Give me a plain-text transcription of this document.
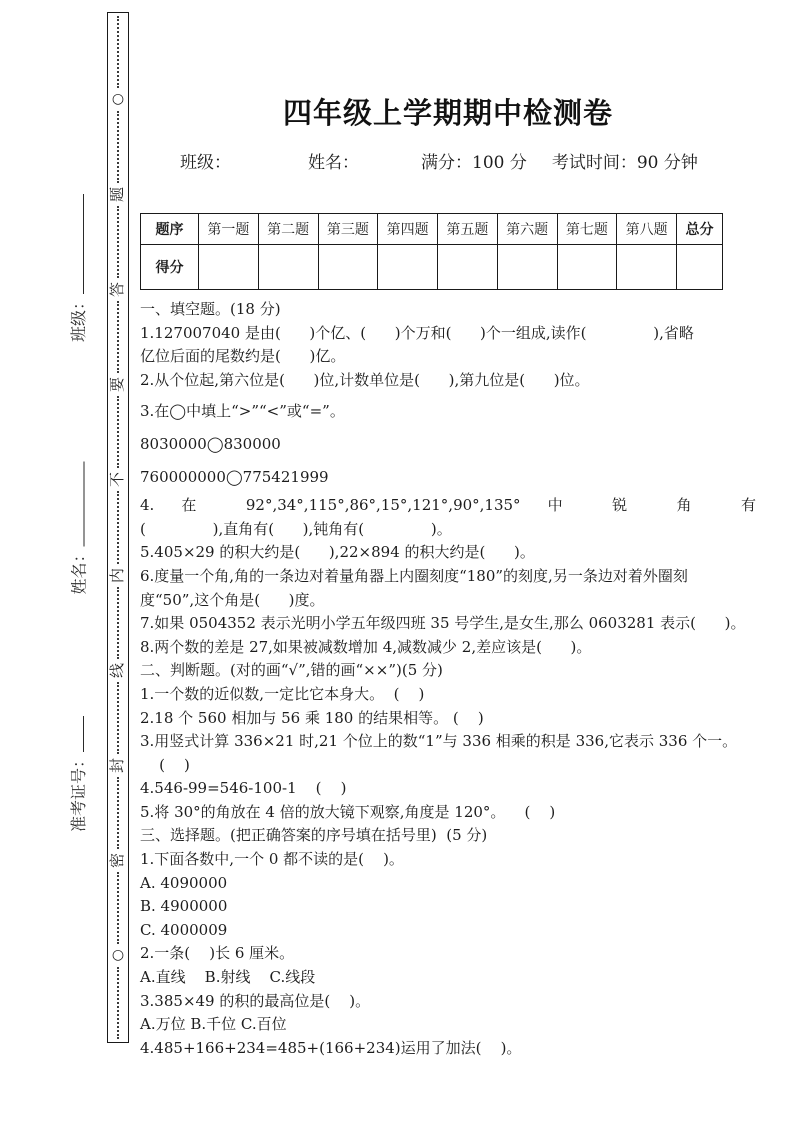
○
题
答
要
不
内
线
封
密
○
班级：
姓名：
准考证号：
四年级上学期期中检测卷
班级：	姓名：	满分：100 分 考试时间：90 分钟
题序	第一题	第二题	第三题	第四题	第五题	第六题	第七题	第八题	总分
得分									
一、填空题。(18 分)
1.127007040 是由(      )个亿、(      )个万和(      )个一组成,读作(              ),省略
亿位后面的尾数约是(      )亿。
2.从个位起,第六位是(      )位,计数单位是(      ),第九位是(      )位。
3.在◯中填上“>”“<”或“=”。
8030000◯830000
760000000◯775421999
4. 在 92°,34°,115°,86°,15°,121°,90°,135° 中 锐 角 有
(              ),直角有(      ),钝角有(              )。
5.405×29 的积大约是(      ),22×894 的积大约是(      )。
6.度量一个角,角的一条边对着量角器上内圈刻度“180”的刻度,另一条边对着外圈刻
度“50”,这个角是(      )度。
7.如果 0504352 表示光明小学五年级四班 35 号学生,是女生,那么 0603281 表示(      )。
8.两个数的差是 27,如果被减数增加 4,减数减少 2,差应该是(      )。
二、判断题。(对的画“√”,错的画“××”)(5 分)
1.一个数的近似数,一定比它本身大。  (    )
2.18 个 560 相加与 56 乘 180 的结果相等。 (    )
3.用竖式计算 336×21 时,21 个位上的数“1”与 336 相乘的积是 336,它表示 336 个一。
(    )
4.546-99=546-100-1    (    )
5.将 30°的角放在 4 倍的放大镜下观察,角度是 120°。    (    )
三、选择题。(把正确答案的序号填在括号里)  (5 分)
1.下面各数中,一个 0 都不读的是(    )。
A. 4090000
B. 4900000
C. 4000009
2.一条(    )长 6 厘米。
A.直线    B.射线    C.线段
3.385×49 的积的最高位是(    )。
A.万位 B.千位 C.百位
4.485+166+234=485+(166+234)运用了加法(    )。
